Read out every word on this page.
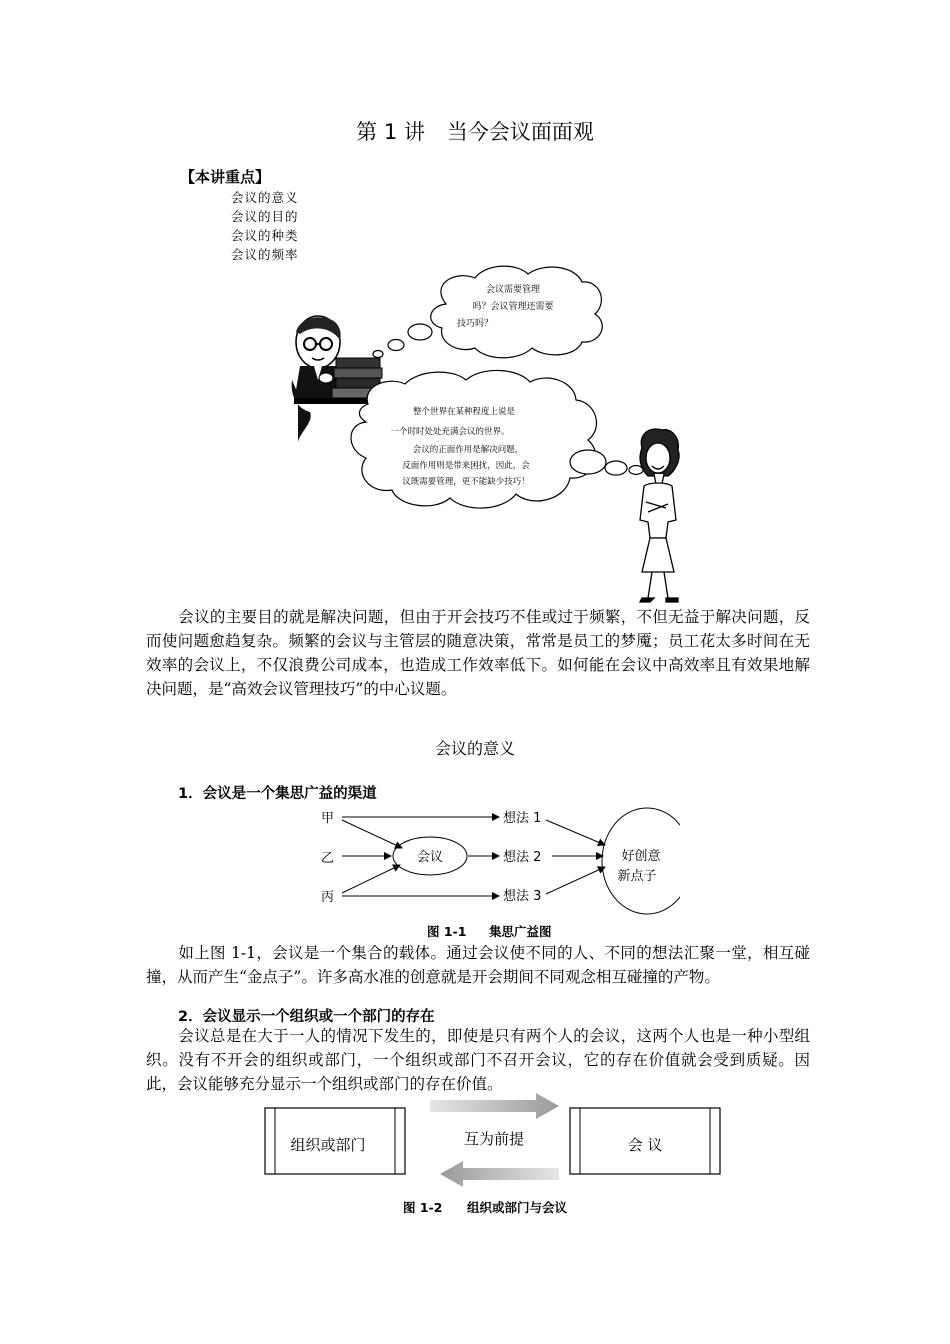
第 1 讲 当今会议面面观
【本讲重点】
会议的意义
会议的目的
会议的种类
会议的频率
会议需要管理
吗？会议管理还需要
技巧吗？
整个世界在某种程度上说是
一个时时处处充满会议的世界。
会议的正面作用是解决问题，
反面作用则是带来困扰，因此，会
议既需要管理，更不能缺少技巧！
会议的主要目的就是解决问题，但由于开会技巧不佳或过于频繁，不但无益于解决问题，反而使问题愈趋复杂。频繁的会议与主管层的随意决策，常常是员工的梦魇；员工花太多时间在无效率的会议上，不仅浪费公司成本，也造成工作效率低下。如何能在会议中高效率且有效果地解决问题，是“高效会议管理技巧”的中心议题。
会议的意义
1．会议是一个集思广益的渠道
甲
乙
丙
会议
想法 1
想法 2
想法 3
好创意
新点子
图 1-1 集思广益图
如上图 1-1，会议是一个集合的载体。通过会议使不同的人、不同的想法汇聚一堂，相互碰撞，从而产生“金点子”。许多高水准的创意就是开会期间不同观念相互碰撞的产物。
2．会议显示一个组织或一个部门的存在
会议总是在大于一人的情况下发生的，即使是只有两个人的会议，这两个人也是一种小型组织。没有不开会的组织或部门，一个组织或部门不召开会议，它的存在价值就会受到质疑。因此，会议能够充分显示一个组织或部门的存在价值。
组织或部门	会 议
互为前提
图 1-2 组织或部门与会议
